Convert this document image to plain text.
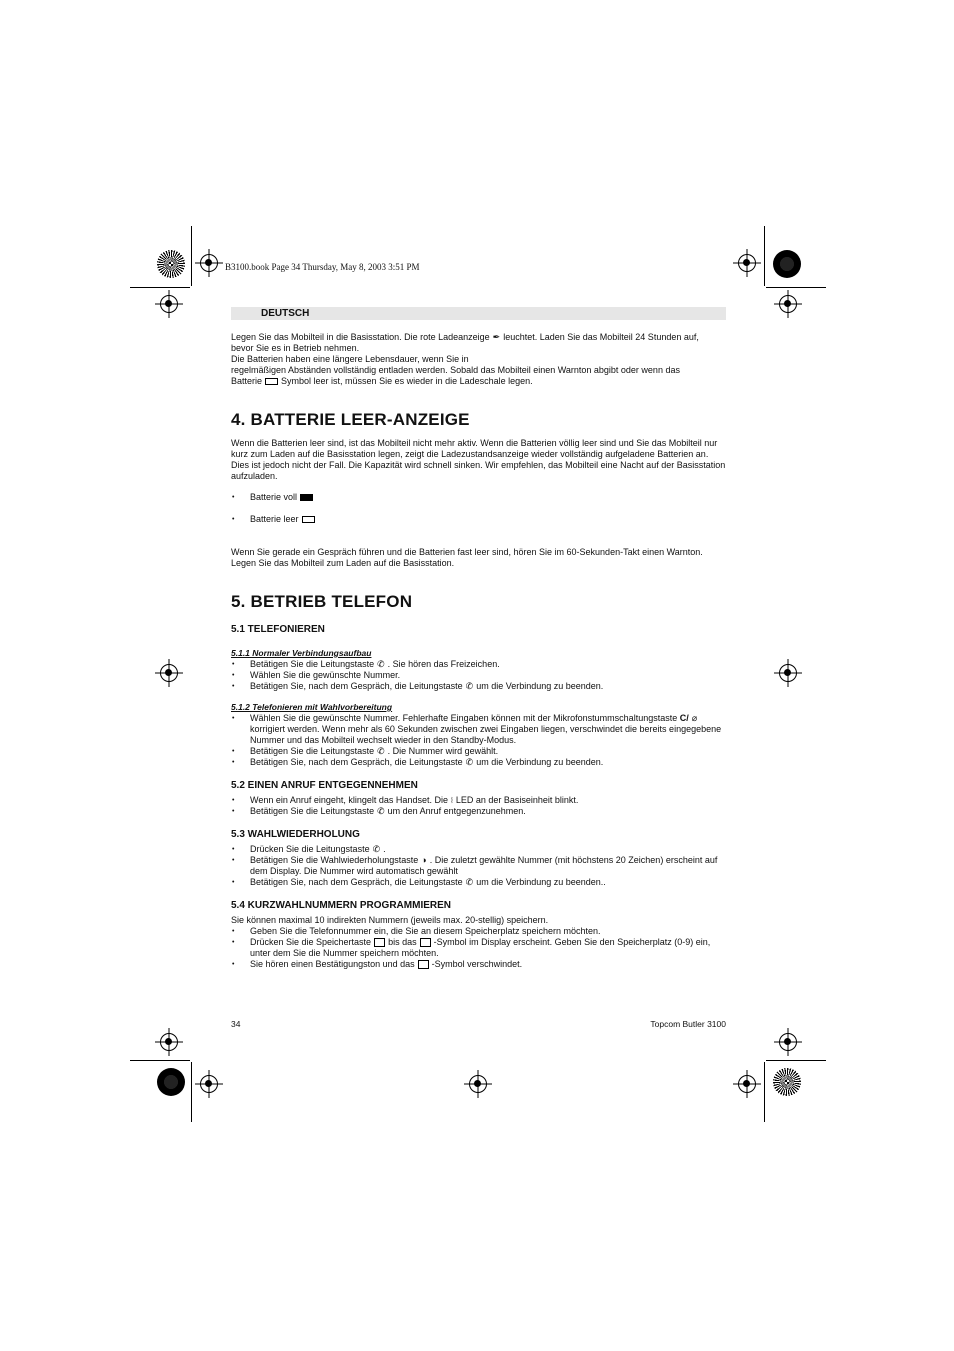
B3100.book Page 34 Thursday, May 8, 2003 3:51 PM
DEUTSCH
Legen Sie das Mobilteil in die Basisstation. Die rote Ladeanzeige ✒ leuchtet. Laden Sie das Mobilteil 24 Stunden auf,
bevor Sie es in Betrieb nehmen.
Die Batterien haben eine längere Lebensdauer, wenn Sie in
regelmäßigen Abständen vollständig entladen werden. Sobald das Mobilteil einen Warnton abgibt oder wenn das
Batterie Symbol leer ist, müssen Sie es wieder in die Ladeschale legen.
4. BATTERIE LEER-ANZEIGE
Wenn die Batterien leer sind, ist das Mobilteil nicht mehr aktiv. Wenn die Batterien völlig leer sind und Sie das Mobilteil nur kurz zum Laden auf die Basisstation legen, zeigt die Ladezustandsanzeige wieder vollständig aufgeladene Batterien an. Dies ist jedoch nicht der Fall. Die Kapazität wird schnell sinken. Wir empfehlen, das Mobilteil eine Nacht auf der Basisstation aufzuladen.
• Batterie voll
• Batterie leer
Wenn Sie gerade ein Gespräch führen und die Batterien fast leer sind, hören Sie im 60-Sekunden-Takt einen Warnton. Legen Sie das Mobilteil zum Laden auf die Basisstation.
5. BETRIEB TELEFON
5.1 TELEFONIEREN
5.1.1 Normaler Verbindungsaufbau
• Betätigen Sie die Leitungstaste ✆ . Sie hören das Freizeichen.
• Wählen Sie die gewünschte Nummer.
• Betätigen Sie, nach dem Gespräch, die Leitungstaste ✆ um die Verbindung zu beenden.
5.1.2 Telefonieren mit Wahlvorbereitung
• Wählen Sie die gewünschte Nummer. Fehlerhafte Eingaben können mit der Mikrofonstummschaltungstaste C/ ⌀
korrigiert werden. Wenn mehr als 60 Sekunden zwischen zwei Eingaben liegen, verschwindet die bereits eingegebene Nummer und das Mobilteil wechselt wieder in den Standby-Modus.
• Betätigen Sie die Leitungstaste ✆ . Die Nummer wird gewählt.
• Betätigen Sie, nach dem Gespräch, die Leitungstaste ✆ um die Verbindung zu beenden.
5.2 EINEN ANRUF ENTGEGENNEHMEN
• Wenn ein Anruf eingeht, klingelt das Handset. Die ⧘ LED an der Basiseinheit blinkt.
• Betätigen Sie die Leitungstaste ✆ um den Anruf entgegenzunehmen.
5.3 WAHLWIEDERHOLUNG
• Drücken Sie die Leitungstaste ✆ .
• Betätigen Sie die Wahlwiederholungstaste ◑ . Die zuletzt gewählte Nummer (mit höchstens 20 Zeichen) erscheint auf dem Display. Die Nummer wird automatisch gewählt
• Betätigen Sie, nach dem Gespräch, die Leitungstaste ✆ um die Verbindung zu beenden..
5.4 KURZWAHLNUMMERN PROGRAMMIEREN
Sie können maximal 10 indirekten Nummern (jeweils max. 20-stellig) speichern.
• Geben Sie die Telefonnummer ein, die Sie an diesem Speicherplatz speichern möchten.
• Drücken Sie die Speichertaste bis das -Symbol im Display erscheint. Geben Sie den Speicherplatz (0-9) ein, unter dem Sie die Nummer speichern möchten.
• Sie hören einen Bestätigungston und das -Symbol verschwindet.
34	Topcom Butler 3100
